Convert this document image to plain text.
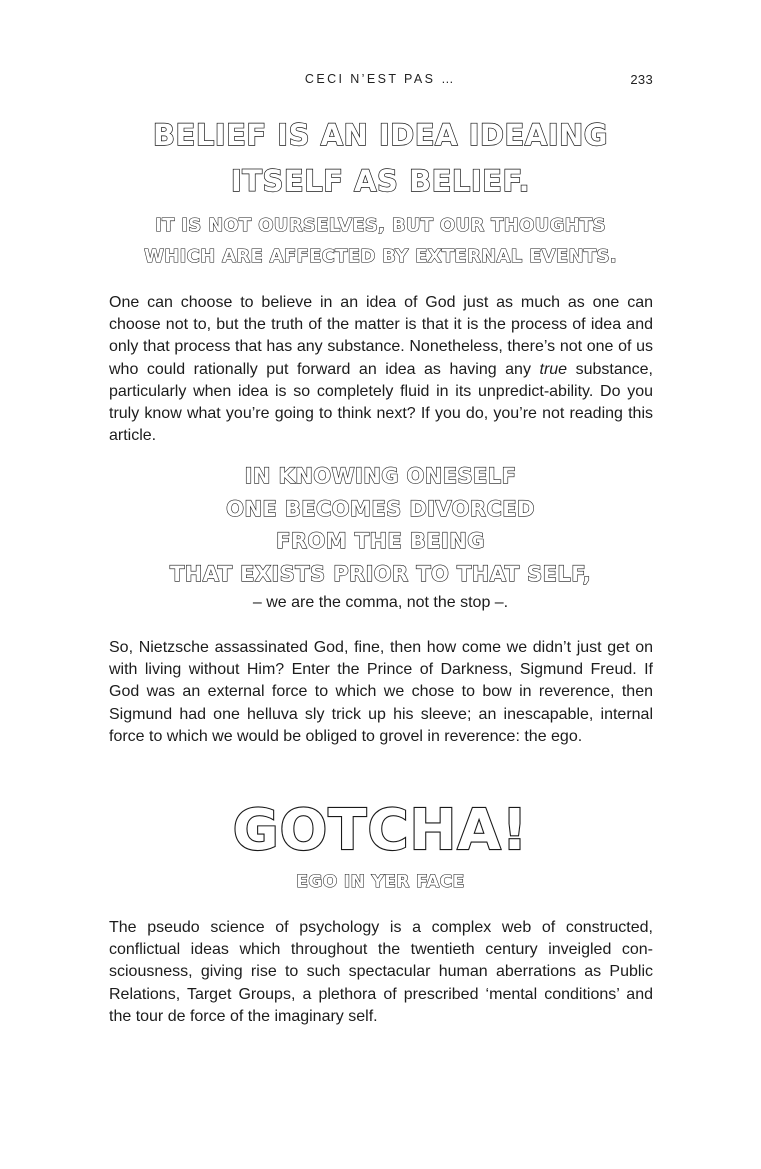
CECI N’EST PAS …	233
BELIEF IS AN IDEA IDEAING
ITSELF AS BELIEF.
IT IS NOT OURSELVES, BUT OUR THOUGHTS
WHICH ARE AFFECTED BY EXTERNAL EVENTS.

One can choose to believe in an idea of God just as much as one can choose not to, but the truth of the matter is that it is the process of idea and only that process that has any substance. Nonetheless, there’s not one of us who could rationally put forward an idea as having any true substance, particularly when idea is so completely fluid in its unpredict-ability. Do you truly know what you’re going to think next? If you do, you’re not reading this article.

IN KNOWING ONESELF
ONE BECOMES DIVORCED
FROM THE BEING
THAT EXISTS PRIOR TO THAT SELF,

– we are the comma, not the stop –.

So, Nietzsche assassinated God, fine, then how come we didn’t just get on with living without Him? Enter the Prince of Darkness, Sigmund Freud. If God was an external force to which we chose to bow in reverence, then Sigmund had one helluva sly trick up his sleeve; an inescapable, internal force to which we would be obliged to grovel in reverence: the ego.

GOTCHA!
EGO IN YER FACE

The pseudo science of psychology is a complex web of constructed, conflictual ideas which throughout the twentieth century inveigled con-sciousness, giving rise to such spectacular human aberrations as Public Relations, Target Groups, a plethora of prescribed ‘mental conditions’ and the tour de force of the imaginary self.
